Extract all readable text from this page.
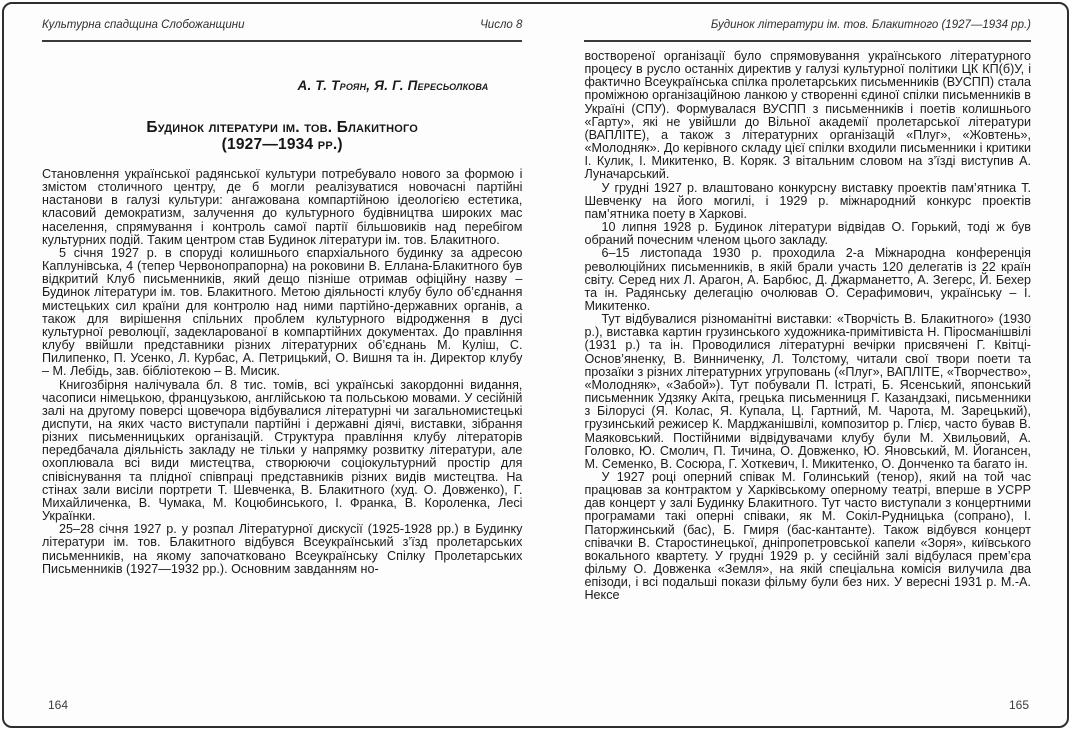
Культурна спадщина Слобожанщини	Число 8
А. Т. Троян, Я. Г. Пересьолкова
Будинок літератури ім. тов. Блакитного
(1927—1934 рр.)

Становлення української радянської культури потребувало нового за формою і змістом столичного центру, де б могли реалізуватися новочасні партійні настанови в галузі культури: ангажована компартійною ідеологією естетика, класовий демократизм, залучення до культурного будівництва широких мас населення, спрямування і контроль самої партії більшовиків над перебігом культурних подій. Таким центром став Будинок літератури ім. тов. Блакитного.

5 січня 1927 р. в споруді колишнього єпархіального будинку за адресою Каплунівська, 4 (тепер Червонопрапорна) на роковини В. Еллана-Блакитного був відкритий Клуб письменників, який дещо пізніше отримав офіційну назву – Будинок літератури ім. тов. Блакитного. Метою діяльності клубу було об’єднання мистецьких сил країни для контролю над ними партійно-державних органів, а також для вирішення спільних проблем культурного відродження в дусі культурної революції, задекларованої в компартійних документах. До правління клубу ввійшли представники різних літературних об’єднань М. Куліш, С. Пилипенко, П. Усенко, Л. Курбас, А. Петрицький, О. Вишня та ін. Директор клубу – М. Лебідь, зав. бібліотекою – В. Мисик.

Книгозбірня налічувала бл. 8 тис. томів, всі українські закордонні видання, часописи німецькою, французькою, англійською та польською мовами. У сесійній залі на другому поверсі щовечора відбувалися літературні чи загальномистецькі диспути, на яких часто виступали партійні і державні діячі, виставки, зібрання різних письменницьких організацій. Структура правління клубу літераторів передбачала діяльність закладу не тільки у напрямку розвитку літератури, але охоплювала всі види мистецтва, створюючи соціокультурний простір для співіснування та плідної співпраці представників різних видів мистецтва. На стінах зали висіли портрети Т. Шевченка, В. Блакитного (худ. О. Довженко), Г. Михайличенка, В. Чумака, М. Коцюбинського, І. Франка, В. Короленка, Лесі Українки.

25–28 січня 1927 р. у розпал Літературної дискусії (1925-1928 рр.) в Будинку літератури ім. тов. Блакитного відбувся Всеукраїнський з’їзд пролетарських письменників, на якому започатковано Всеукраїнську Спілку Пролетарських Письменників (1927—1932 рр.). Основним завданням но-

164
Будинок літератури ім. тов. Блакитного (1927—1934 рр.)

воствореної організації було спрямовування українського літературного процесу в русло останніх директив у галузі культурної політики ЦК КП(б)У, і фактично Всеукраїнська спілка пролетарських письменників (ВУСПП) стала проміжною організаційною ланкою у створенні єдиної спілки письменників в Україні (СПУ). Формувалася ВУСПП з письменників і поетів колишнього «Гарту», які не увійшли до Вільної академії пролетарської літератури (ВАПЛІТЕ), а також з літературних організацій «Плуг», «Жовтень», «Молодняк». До керівного складу цієї спілки входили письменники і критики І. Кулик, І. Микитенко, В. Коряк. З вітальним словом на з’їзді виступив А. Луначарський.

У грудні 1927 р. влаштовано конкурсну виставку проектів пам’ятника Т. Шевченку на його могилі, і 1929 р. міжнародний конкурс проектів пам’ятника поету в Харкові.

10 липня 1928 р. Будинок літератури відвідав О. Горький, тоді ж був обраний почесним членом цього закладу.

6–15 листопада 1930 р. проходила 2-а Міжнародна конференція революційних письменників, в якій брали участь 120 делегатів із 22 країн світу. Серед них Л. Арагон, А. Барбюс, Д. Джарманетто, А. Зегерс, Й. Бехер та ін. Радянську делегацію очолював О. Серафимович, українську – І. Микитенко.

Тут відбувалися різноманітні виставки: «Творчість В. Блакитного» (1930 р.), виставка картин грузинського художника-примітивіста Н. Піросманішвілі (1931 р.) та ін. Проводилися літературні вечірки присвячені Г. Квітці-Основ’яненку, В. Винниченку, Л. Толстому, читали свої твори поети та прозаїки з різних літературних угруповань («Плуг», ВАПЛІТЕ, «Творчество», «Молодняк», «Забой»). Тут побували П. Істраті, Б. Ясенський, японський письменник Удзяку Акіта, грецька письменниця Г. Казандзакі, письменники з Білорусі (Я. Колас, Я. Купала, Ц. Гартний, М. Чарота, М. Зарецький), грузинський режисер К. Марджанішвілі, композитор р. Глієр, часто бував В. Маяковський. Постійними відвідувачами клубу були М. Хвильовий, А. Головко, Ю. Смолич, П. Тичина, О. Довженко, Ю. Яновський, М. Йогансен, М. Семенко, В. Сосюра, Г. Хоткевич, І. Микитенко, О. Донченко та багато ін.

У 1927 році оперний співак М. Голинський (тенор), який на той час працював за контрактом у Харківському оперному театрі, вперше в УСРР дав концерт у залі Будинку Блакитного. Тут часто виступали з концертними програмами такі оперні співаки, як М. Сокіл-Рудницька (сопрано), І. Паторжинський (бас), Б. Гмиря (бас-кантанте). Також відбувся концерт співачки В. Старостинецької, дніпропетровської капели «Зоря», київського вокального квартету. У грудні 1929 р. у сесійній залі відбулася прем’єра фільму О. Довженка «Земля», на якій спеціальна комісія вилучила два епізоди, і всі подальші покази фільму були без них. У вересні 1931 р. М.-А. Нексе

165
